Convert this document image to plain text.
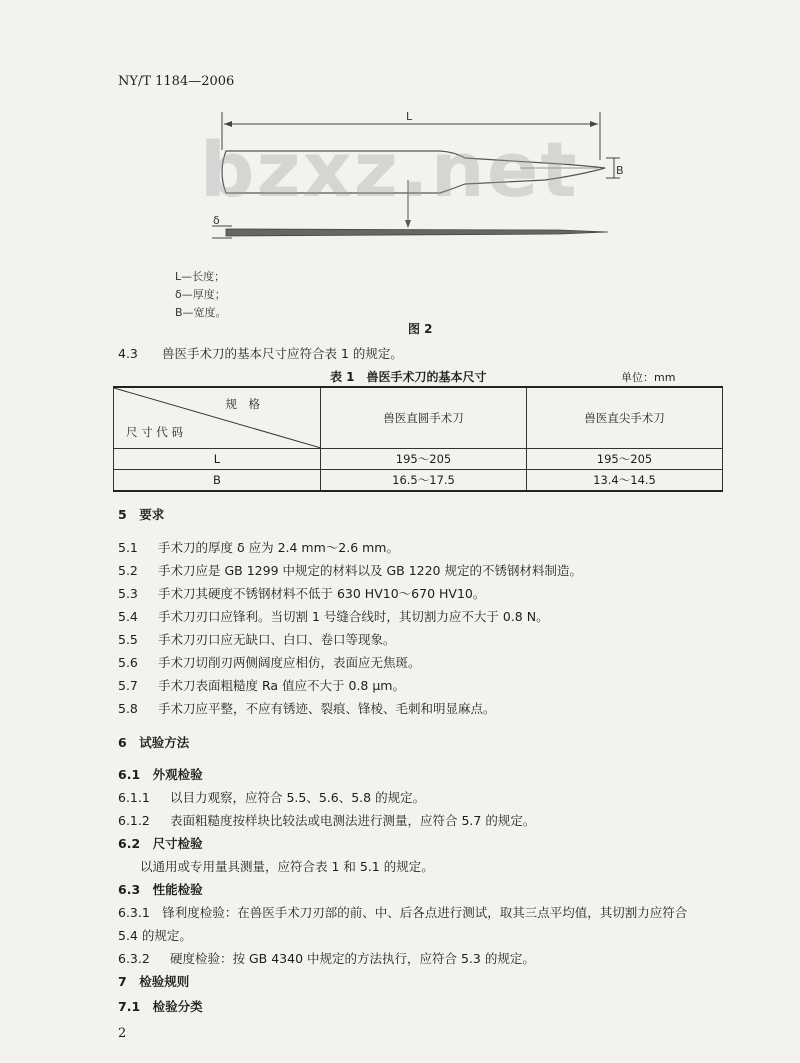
NY/T 1184—2006
bzxz.net
L
B
δ
L—长度；
δ—厚度；
B—宽度。
图 2
4.3 兽医手术刀的基本尺寸应符合表 1 的规定。
表 1　兽医手术刀的基本尺寸	单位：mm
规　格
尺 寸 代 码	兽医直圆手术刀	兽医直尖手术刀
L	195～205	195～205
B	16.5～17.5	13.4～14.5
5　要求
5.1 手术刀的厚度 δ 应为 2.4 mm～2.6 mm。
5.2 手术刀应是 GB 1299 中规定的材料以及 GB 1220 规定的不锈钢材料制造。
5.3 手术刀其硬度不锈钢材料不低于 630 HV10～670 HV10。
5.4 手术刀刃口应锋利。当切割 1 号缝合线时，其切割力应不大于 0.8 N。
5.5 手术刀刃口应无缺口、白口、卷口等现象。
5.6 手术刀切削刃两侧阔度应相仿，表面应无焦斑。
5.7 手术刀表面粗糙度 Ra 值应不大于 0.8 μm。
5.8 手术刀应平整，不应有锈迹、裂痕、锋棱、毛刺和明显麻点。
6　试验方法
6.1　外观检验
6.1.1 以目力观察，应符合 5.5、5.6、5.8 的规定。
6.1.2 表面粗糙度按样块比较法或电测法进行测量，应符合 5.7 的规定。
6.2　尺寸检验
以通用或专用量具测量，应符合表 1 和 5.1 的规定。
6.3　性能检验
6.3.1　锋利度检验：在兽医手术刀刃部的前、中、后各点进行测试，取其三点平均值，其切割力应符合
5.4 的规定。
6.3.2 硬度检验：按 GB 4340 中规定的方法执行，应符合 5.3 的规定。
7　检验规则
7.1　检验分类
2
